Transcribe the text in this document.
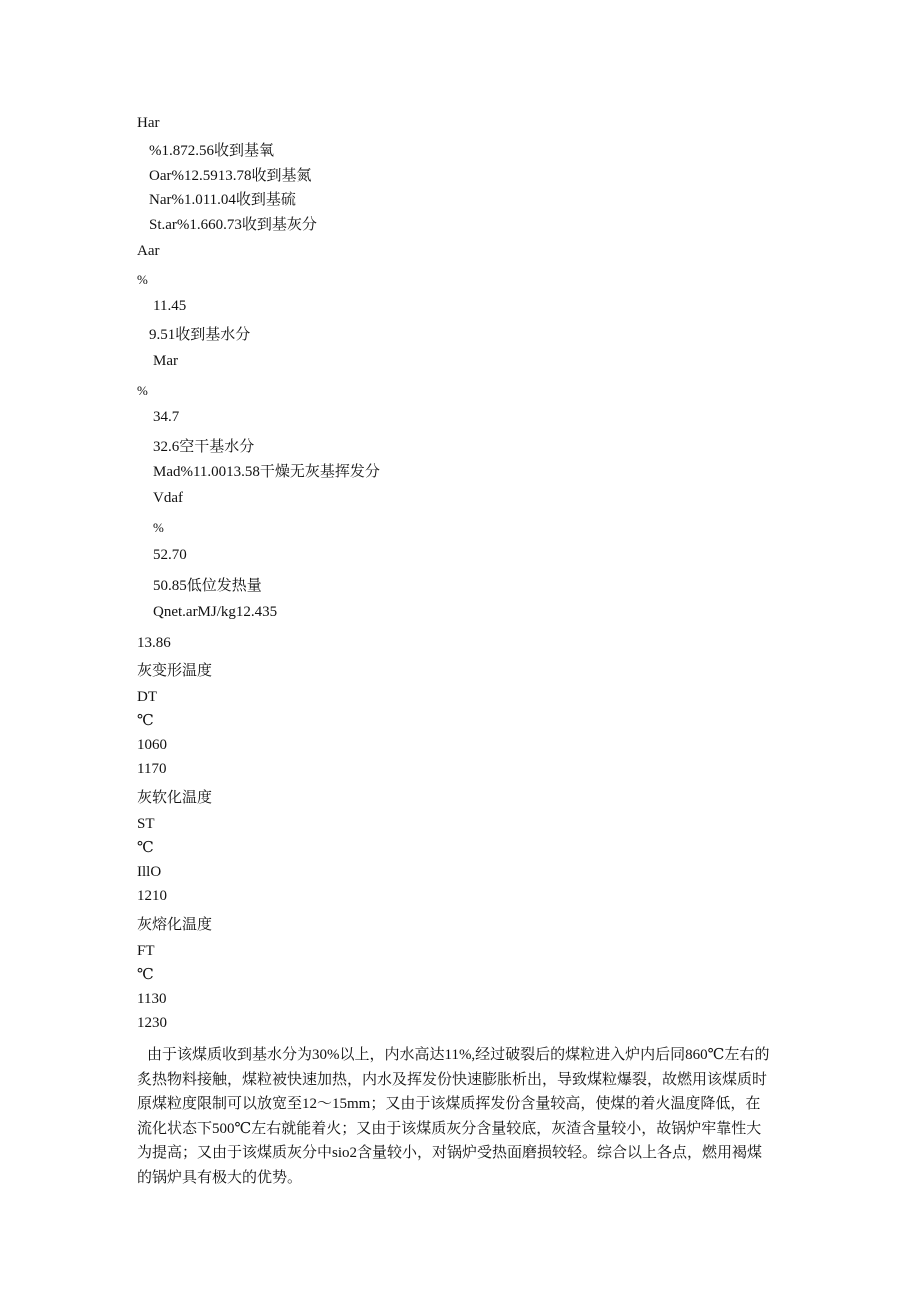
Har
%1.872.56收到基氧
Oar%12.5913.78收到基氮
Nar%1.011.04收到基硫
St.ar%1.660.73收到基灰分
Aar
%
11.45
9.51收到基水分
Mar
%
34.7
32.6空干基水分
Mad%11.0013.58干燥无灰基挥发分
Vdaf
%
52.70
50.85低位发热量
Qnet.arMJ/kg12.435
13.86
灰变形温度
DT
℃
1060
1170
灰软化温度
ST
℃
IllO
1210
灰熔化温度
FT
℃
1130
1230
由于该煤质收到基水分为30%以上，内水高达11%,经过破裂后的煤粒进入炉内后同860℃左右的
炙热物料接触，煤粒被快速加热，内水及挥发份快速膨胀析出，导致煤粒爆裂，故燃用该煤质时
原煤粒度限制可以放宽至12～15mm；又由于该煤质挥发份含量较高，使煤的着火温度降低，在
流化状态下500℃左右就能着火；又由于该煤质灰分含量较底，灰渣含量较小，故锅炉牢靠性大
为提高；又由于该煤质灰分中sio2含量较小，对锅炉受热面磨损较轻。综合以上各点，燃用褐煤
的锅炉具有极大的优势。
